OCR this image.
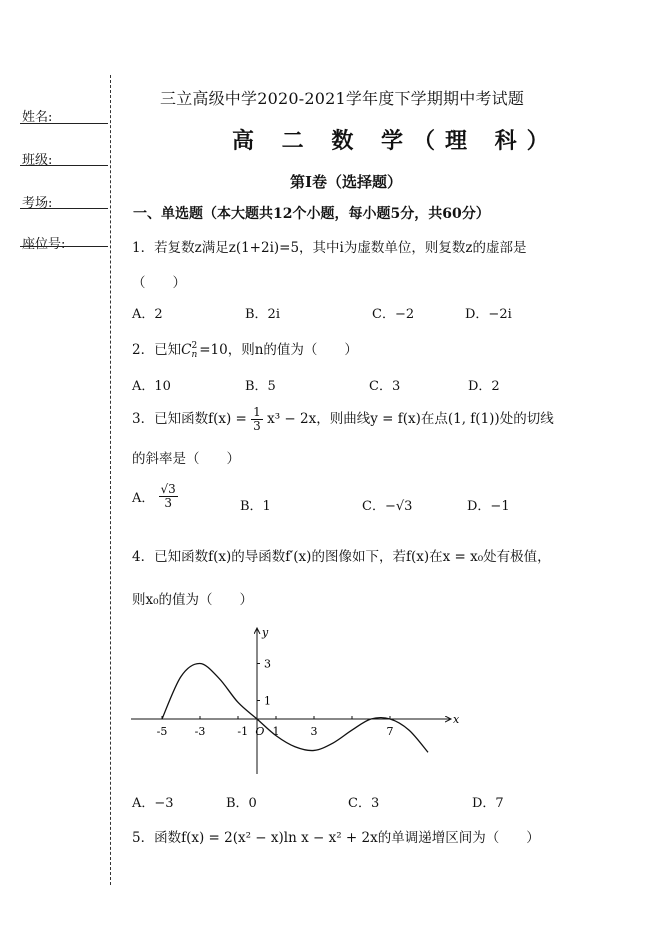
姓名:
班级:
考场:
座位号:
三立高级中学2020-2021学年度下学期期中考试题
高 二 数 学（理 科）
第Ⅰ卷（选择题）
一、单选题（本大题共12个小题，每小题5分，共60分）
1．若复数z满足z(1+2i)=5，其中i为虚数单位，则复数z的虚部是
（　　）
A．2	B．2i	C．−2	D．−2i
2．已知C 2
n =10，则n的值为（　　）
A．10	B．5	C．3	D．2
3．已知函数$f(x) = \frac{1}{3} x^3 - 2x$，则曲线y = f(x)在点(1, f(1))处的切线
的斜率是（　　）
A． $\frac{√3}{3}$	B．1	C．−√3	D．−1
4．已知函数f(x)的导函数f′(x)的图像如下，若f(x)在x = x₀处有极值，
则x₀的值为（　　）
-5 -3	-1 O 1	3	7
3
1
x
y
A．−3	B．0	C．3	D．7
5．函数f(x) = 2(x² − x)ln x − x² + 2x的单调递增区间为（　　）
